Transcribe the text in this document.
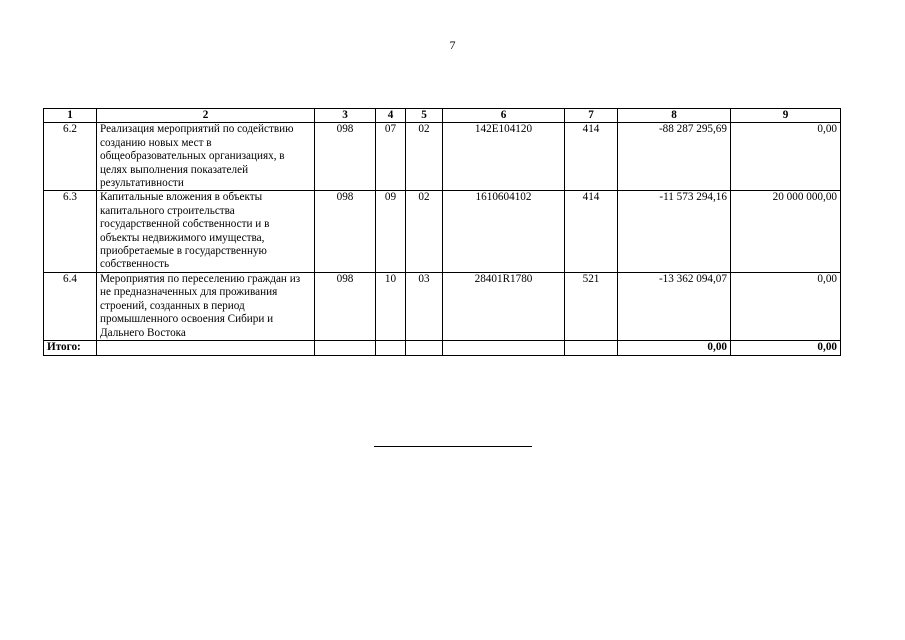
7
1	2	3	4	5	6	7	8	9
6.2	Реализация мероприятий по содействию созданию новых мест в общеобразовательных организациях, в целях выполнения показателей результативности	098	07	02	142E104120	414	-88 287 295,69	0,00
6.3	Капитальные вложения в объекты капитального строительства государственной собственности и в объекты недвижимого имущества, приобретаемые в государственную собственность	098	09	02	1610604102	414	-11 573 294,16	20 000 000,00
6.4	Мероприятия по переселению граждан из не предназначенных для проживания строений, созданных в период промышленного освоения Сибири и Дальнего Востока	098	10	03	28401R1780	521	-13 362 094,07	0,00
Итого:							0,00	0,00
